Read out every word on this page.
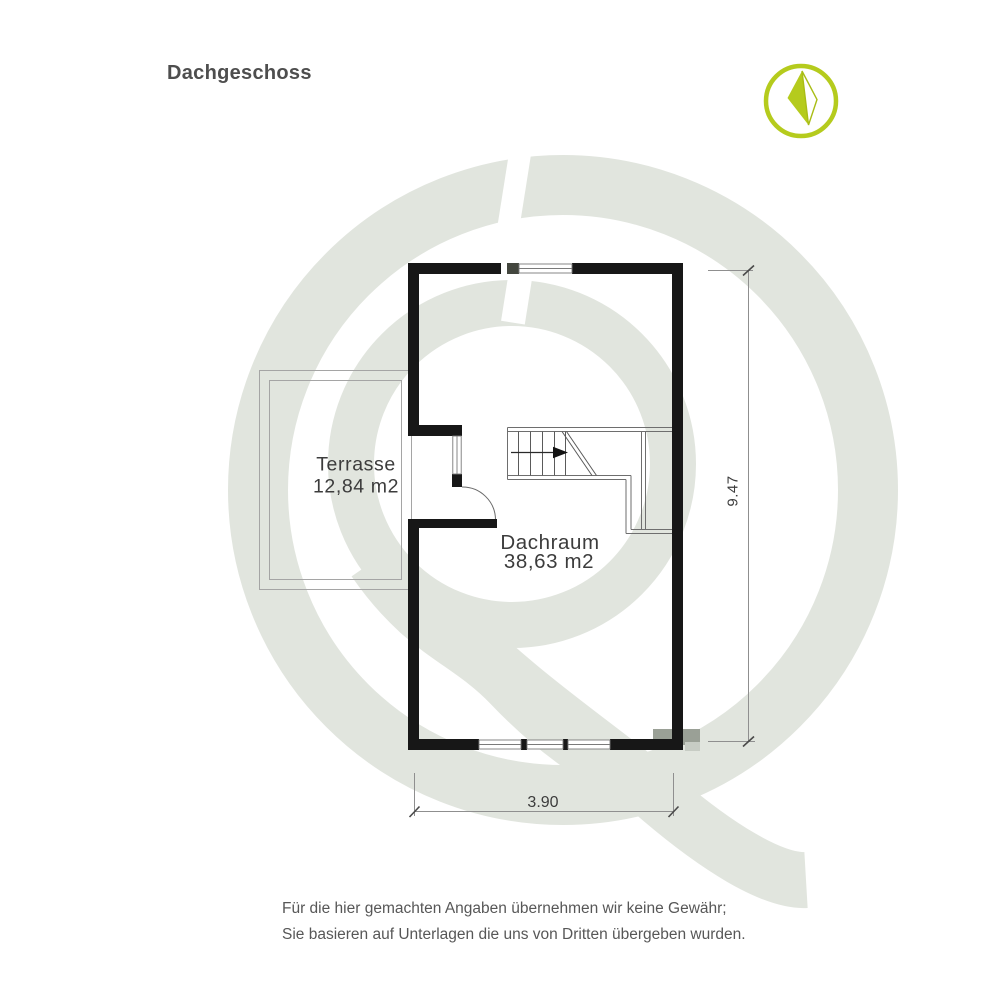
Dachgeschoss
Terrasse
12,84 m2
Dachraum
38,63 m2
9.47
3.90
Für die hier gemachten Angaben übernehmen wir keine Gewähr;
Sie basieren auf Unterlagen die uns von Dritten übergeben wurden.
